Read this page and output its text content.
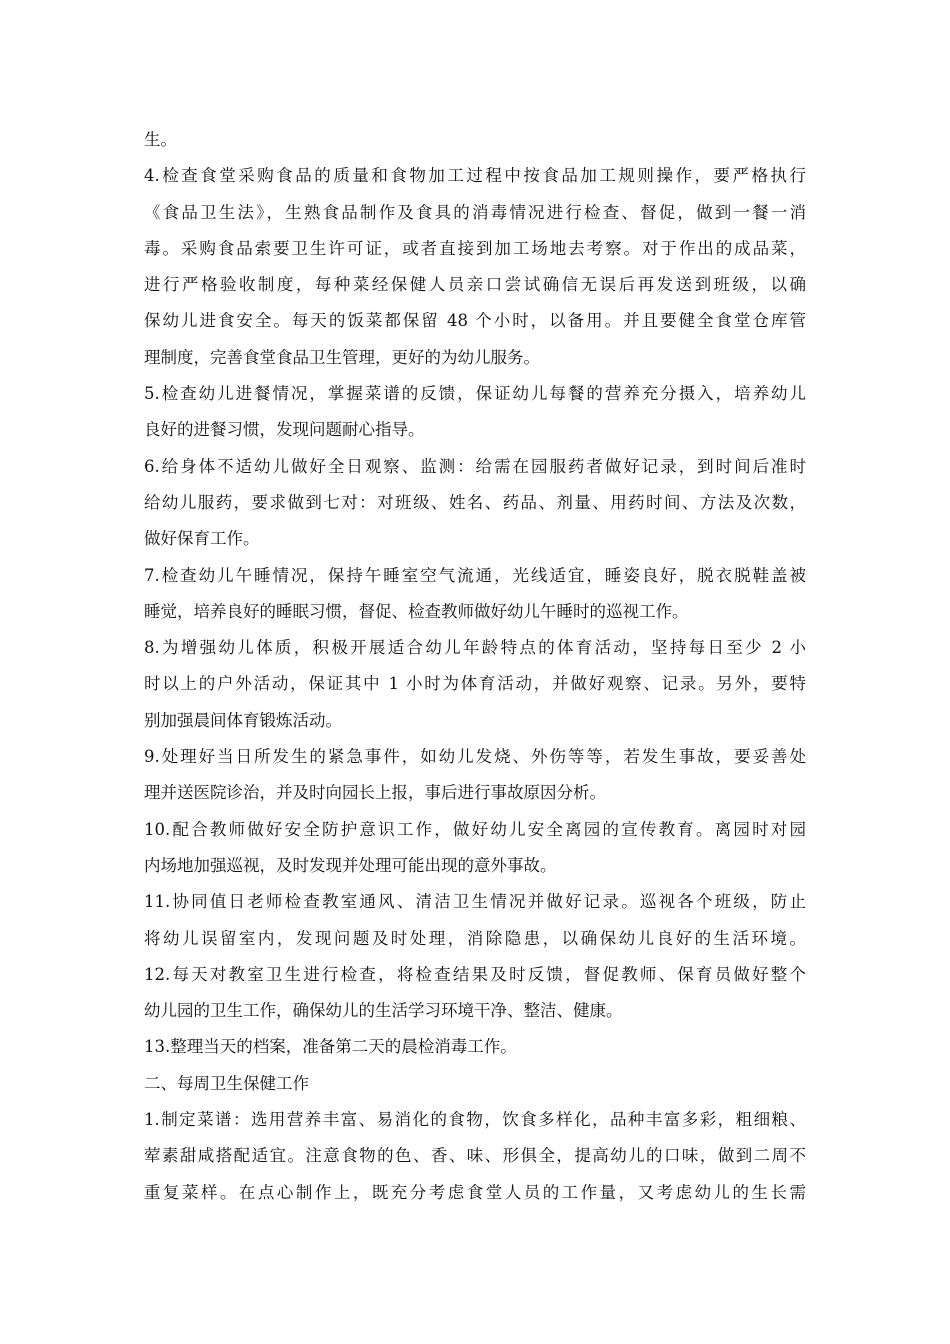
生。
4.检查食堂采购食品的质量和食物加工过程中按食品加工规则操作，要严格执行
《食品卫生法》，生熟食品制作及食具的消毒情况进行检查、督促，做到一餐一消
毒。采购食品索要卫生许可证，或者直接到加工场地去考察。对于作出的成品菜，
进行严格验收制度，每种菜经保健人员亲口尝试确信无误后再发送到班级，以确
保幼儿进食安全。每天的饭菜都保留 48 个小时，以备用。并且要健全食堂仓库管
理制度，完善食堂食品卫生管理，更好的为幼儿服务。
5.检查幼儿进餐情况，掌握菜谱的反馈，保证幼儿每餐的营养充分摄入，培养幼儿
良好的进餐习惯，发现问题耐心指导。
6.给身体不适幼儿做好全日观察、监测：给需在园服药者做好记录，到时间后准时
给幼儿服药，要求做到七对：对班级、姓名、药品、剂量、用药时间、方法及次数，
做好保育工作。
7.检查幼儿午睡情况，保持午睡室空气流通，光线适宜，睡姿良好，脱衣脱鞋盖被
睡觉，培养良好的睡眠习惯，督促、检查教师做好幼儿午睡时的巡视工作。
8.为增强幼儿体质，积极开展适合幼儿年龄特点的体育活动，坚持每日至少 2 小
时以上的户外活动，保证其中 1 小时为体育活动，并做好观察、记录。另外，要特
别加强晨间体育锻炼活动。
9.处理好当日所发生的紧急事件，如幼儿发烧、外伤等等，若发生事故，要妥善处
理并送医院诊治，并及时向园长上报，事后进行事故原因分析。
10.配合教师做好安全防护意识工作，做好幼儿安全离园的宣传教育。离园时对园
内场地加强巡视，及时发现并处理可能出现的意外事故。
11.协同值日老师检查教室通风、清洁卫生情况并做好记录。巡视各个班级，防止
将幼儿误留室内，发现问题及时处理，消除隐患，以确保幼儿良好的生活环境。
12.每天对教室卫生进行检查，将检查结果及时反馈，督促教师、保育员做好整个
幼儿园的卫生工作，确保幼儿的生活学习环境干净、整洁、健康。
13.整理当天的档案，准备第二天的晨检消毒工作。
二、每周卫生保健工作
1.制定菜谱：选用营养丰富、易消化的食物，饮食多样化，品种丰富多彩，粗细粮、
荤素甜咸搭配适宜。注意食物的色、香、味、形俱全，提高幼儿的口味，做到二周不
重复菜样。在点心制作上，既充分考虑食堂人员的工作量，又考虑幼儿的生长需
